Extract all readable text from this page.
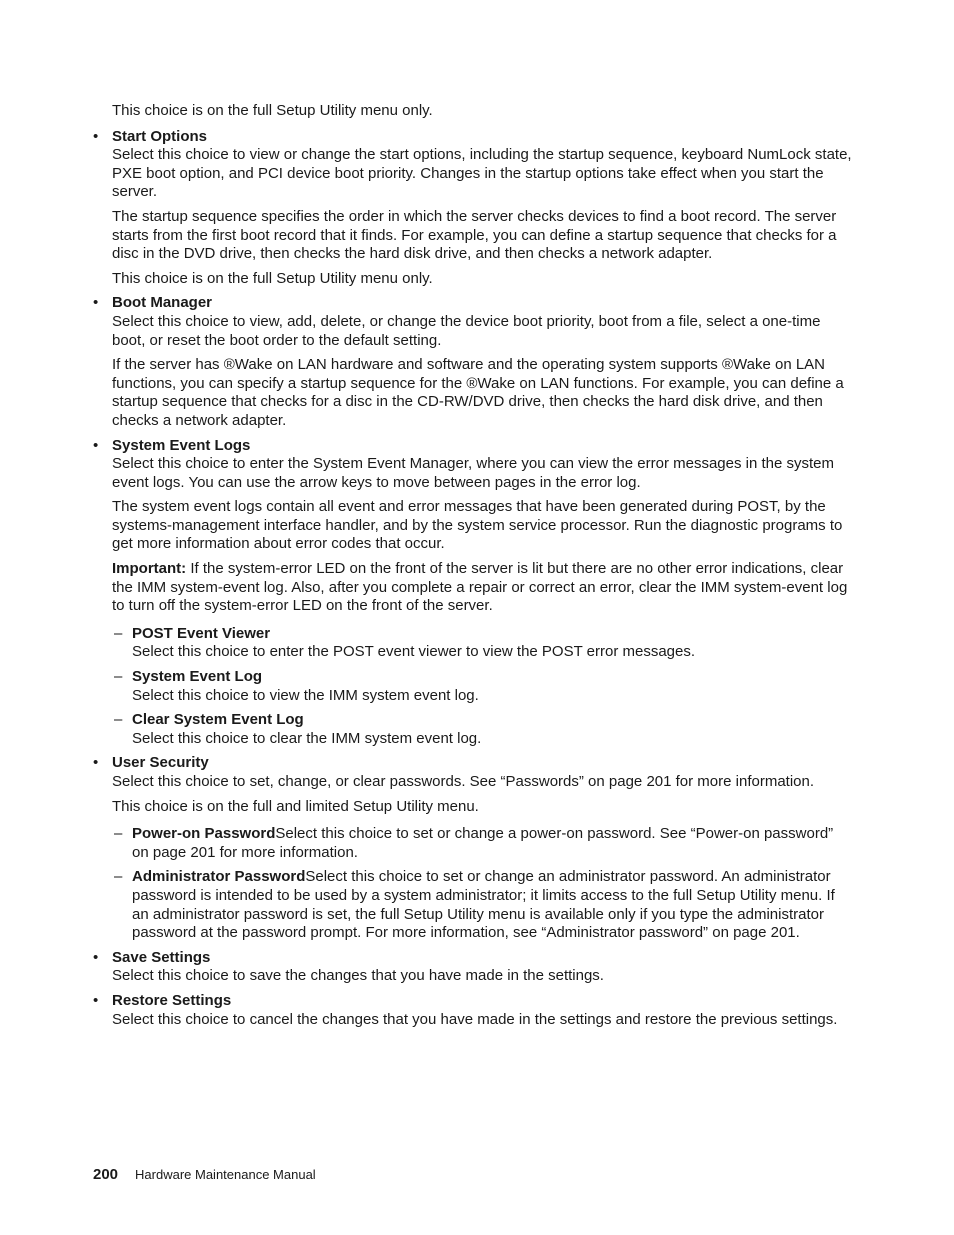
This choice is on the full Setup Utility menu only.

• Start Options

Select this choice to view or change the start options, including the startup sequence, keyboard NumLock state, PXE boot option, and PCI device boot priority. Changes in the startup options take effect when you start the server.

The startup sequence specifies the order in which the server checks devices to find a boot record. The server starts from the first boot record that it finds. For example, you can define a startup sequence that checks for a disc in the DVD drive, then checks the hard disk drive, and then checks a network adapter.

This choice is on the full Setup Utility menu only.

• Boot Manager

Select this choice to view, add, delete, or change the device boot priority, boot from a file, select a one-time boot, or reset the boot order to the default setting.

If the server has ®Wake on LAN hardware and software and the operating system supports ®Wake on LAN functions, you can specify a startup sequence for the ®Wake on LAN functions. For example, you can define a startup sequence that checks for a disc in the CD-RW/DVD drive, then checks the hard disk drive, and then checks a network adapter.

• System Event Logs

Select this choice to enter the System Event Manager, where you can view the error messages in the system event logs. You can use the arrow keys to move between pages in the error log.

The system event logs contain all event and error messages that have been generated during POST, by the systems-management interface handler, and by the system service processor. Run the diagnostic programs to get more information about error codes that occur.

Important: If the system-error LED on the front of the server is lit but there are no other error indications, clear the IMM system-event log. Also, after you complete a repair or correct an error, clear the IMM system-event log to turn off the system-error LED on the front of the server.

– POST Event Viewer

Select this choice to enter the POST event viewer to view the POST error messages.

– System Event Log

Select this choice to view the IMM system event log.

– Clear System Event Log

Select this choice to clear the IMM system event log.

• User Security

Select this choice to set, change, or clear passwords. See “Passwords” on page 201 for more information.

This choice is on the full and limited Setup Utility menu.

– Power-on PasswordSelect this choice to set or change a power-on password. See “Power-on password” on page 201 for more information.

– Administrator PasswordSelect this choice to set or change an administrator password. An administrator password is intended to be used by a system administrator; it limits access to the full Setup Utility menu. If an administrator password is set, the full Setup Utility menu is available only if you type the administrator password at the password prompt. For more information, see “Administrator password” on page 201.

• Save Settings

Select this choice to save the changes that you have made in the settings.

• Restore Settings

Select this choice to cancel the changes that you have made in the settings and restore the previous settings.

200 Hardware Maintenance Manual
